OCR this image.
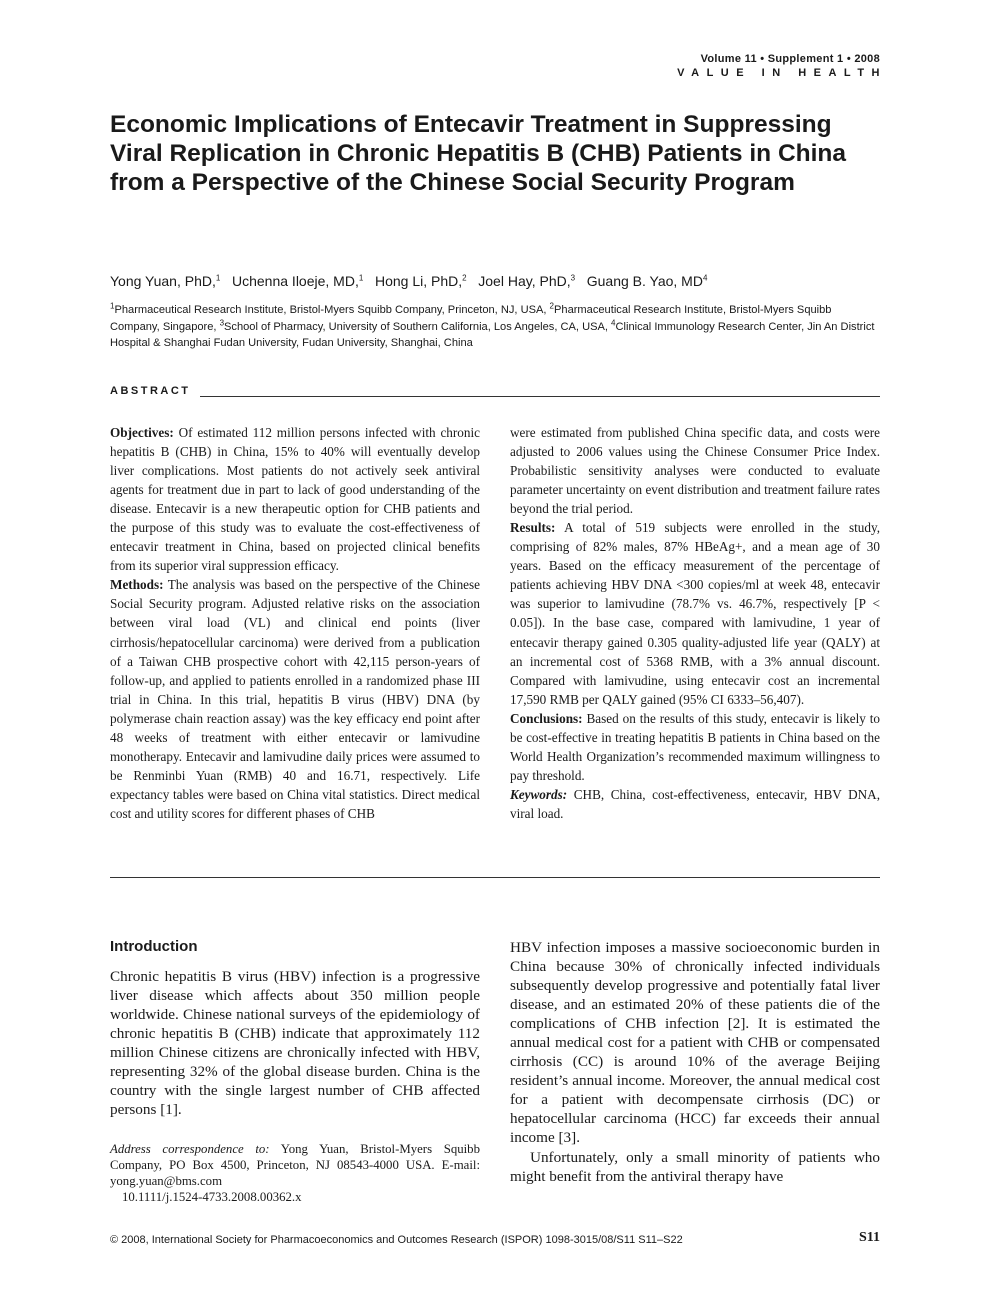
Volume 11 • Supplement 1 • 2008
VALUE IN HEALTH
Economic Implications of Entecavir Treatment in Suppressing Viral Replication in Chronic Hepatitis B (CHB) Patients in China from a Perspective of the Chinese Social Security Program
Yong Yuan, PhD,$^1$ Uchenna Iloeje, MD,$^1$ Hong Li, PhD,$^2$ Joel Hay, PhD,$^3$ Guang B. Yao, $MD^4$
$^1$Pharmaceutical Research Institute, Bristol-Myers Squibb Company, Princeton, NJ, USA, $^2$Pharmaceutical Research Institute, Bristol-Myers Squibb Company, Singapore, $^3$School of Pharmacy, University of Southern California, Los Angeles, CA, USA, $^4$Clinical Immunology Research Center, Jin An District Hospital & Shanghai Fudan University, Fudan University, Shanghai, China
ABSTRACT

Objectives: Of estimated 112 million persons infected with chronic hepatitis B (CHB) in China, 15% to 40% will eventually develop liver complications. Most patients do not actively seek antiviral agents for treatment due in part to lack of good understanding of the disease. Entecavir is a new therapeutic option for CHB patients and the purpose of this study was to evaluate the cost-effectiveness of entecavir treatment in China, based on projected clinical benefits from its superior viral suppression efficacy.

Methods: The analysis was based on the perspective of the Chinese Social Security program. Adjusted relative risks on the association between viral load (VL) and clinical end points (liver cirrhosis/hepatocellular carcinoma) were derived from a publication of a Taiwan CHB prospective cohort with 42,115 person-years of follow-up, and applied to patients enrolled in a randomized phase III trial in China. In this trial, hepatitis B virus (HBV) DNA (by polymerase chain reaction assay) was the key efficacy end point after 48 weeks of treatment with either entecavir or lamivudine monotherapy. Entecavir and lamivudine daily prices were assumed to be Renminbi Yuan (RMB) 40 and 16.71, respectively. Life expectancy tables were based on China vital statistics. Direct medical cost and utility scores for different phases of CHB

were estimated from published China specific data, and costs were adjusted to 2006 values using the Chinese Consumer Price Index. Probabilistic sensitivity analyses were conducted to evaluate parameter uncertainty on event distribution and treatment failure rates beyond the trial period.

Results: A total of 519 subjects were enrolled in the study, comprising of 82% males, 87% HBeAg+, and a mean age of 30 years. Based on the efficacy measurement of the percentage of patients achieving HBV DNA <300 copies/ml at week 48, entecavir was superior to lamivudine (78.7% vs. 46.7%, respectively [P < 0.05]). In the base case, compared with lamivudine, 1 year of entecavir therapy gained 0.305 quality-adjusted life year (QALY) at an incremental cost of 5368 RMB, with a 3% annual discount. Compared with lamivudine, using entecavir cost an incremental 17,590 RMB per QALY gained (95% CI 6333–56,407).

Conclusions: Based on the results of this study, entecavir is likely to be cost-effective in treating hepatitis B patients in China based on the World Health Organization’s recommended maximum willingness to pay threshold.

Keywords: CHB, China, cost-effectiveness, entecavir, HBV DNA, viral load.

Introduction

Chronic hepatitis B virus (HBV) infection is a progressive liver disease which affects about 350 million people worldwide. Chinese national surveys of the epidemiology of chronic hepatitis B (CHB) indicate that approximately 112 million Chinese citizens are chronically infected with HBV, representing 32% of the global disease burden. China is the country with the single largest number of CHB affected persons [1].

Address correspondence to: Yong Yuan, Bristol-Myers Squibb Company, PO Box 4500, Princeton, NJ 08543-4000 USA. E-mail: yong.yuan@bms.com

10.1111/j.1524-4733.2008.00362.x

HBV infection imposes a massive socioeconomic burden in China because 30% of chronically infected individuals subsequently develop progressive and potentially fatal liver disease, and an estimated 20% of these patients die of the complications of CHB infection [2]. It is estimated the annual medical cost for a patient with CHB or compensated cirrhosis (CC) is around 10% of the average Beijing resident’s annual income. Moreover, the annual medical cost for a patient with decompensate cirrhosis (DC) or hepatocellular carcinoma (HCC) far exceeds their annual income [3].

Unfortunately, only a small minority of patients who might benefit from the antiviral therapy have

© 2008, International Society for Pharmacoeconomics and Outcomes Research (ISPOR) 1098-3015/08/S11 S11–S22	S11
